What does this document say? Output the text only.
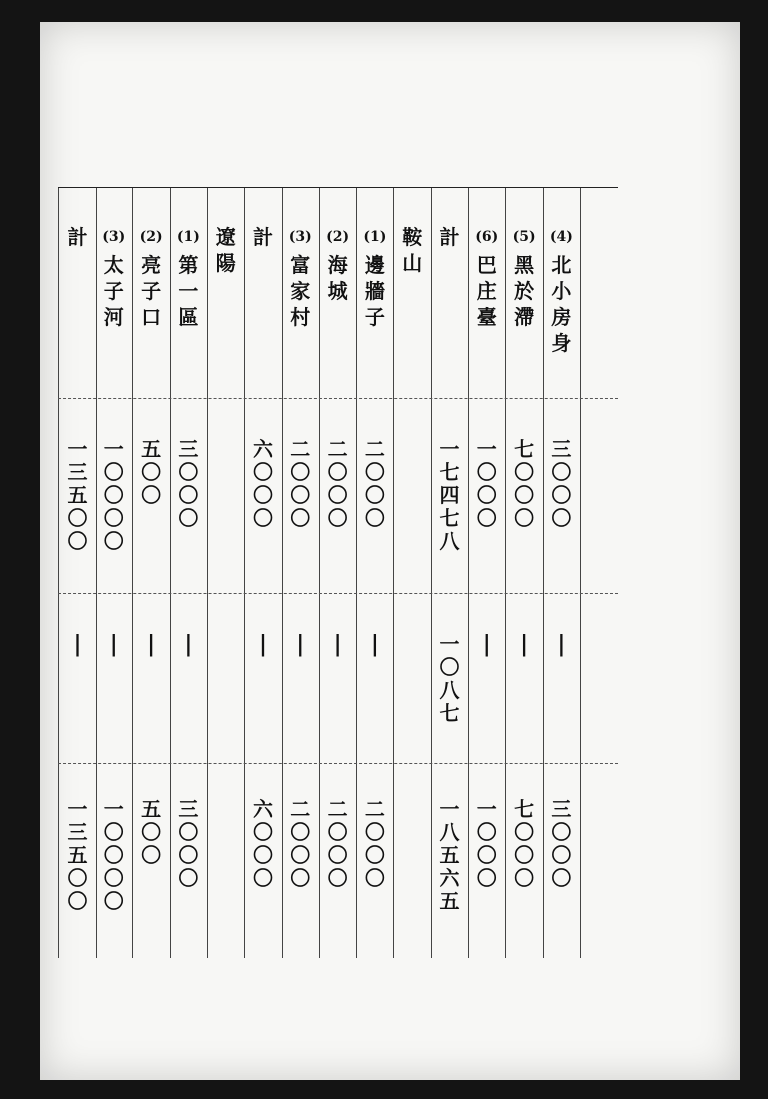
計
一
三
五
〇
〇
|
一
三
五
〇
〇
(3)
太
子
河
一
〇
〇
〇
〇
|
一
〇
〇
〇
〇
(2)
亮
子
口
五
〇
〇
|
五
〇
〇
(1)
第
一
區
三
〇
〇
〇
|
三
〇
〇
〇
遼
陽
計
六
〇
〇
〇
|
六
〇
〇
〇
(3)
富
家
村
二
〇
〇
〇
|
二
〇
〇
〇
(2)
海
城
二
〇
〇
〇
|
二
〇
〇
〇
(1)
邊
牆
子
二
〇
〇
〇
|
二
〇
〇
〇
鞍
山
計
一
七
四
七
八
一
〇
八
七
一
八
五
六
五
(6)
巴
庄
臺
一
〇
〇
〇
|
一
〇
〇
〇
(5)
黑
於
滯
七
〇
〇
〇
|
七
〇
〇
〇
(4)
北
小
房
身
三
〇
〇
〇
|
三
〇
〇
〇
